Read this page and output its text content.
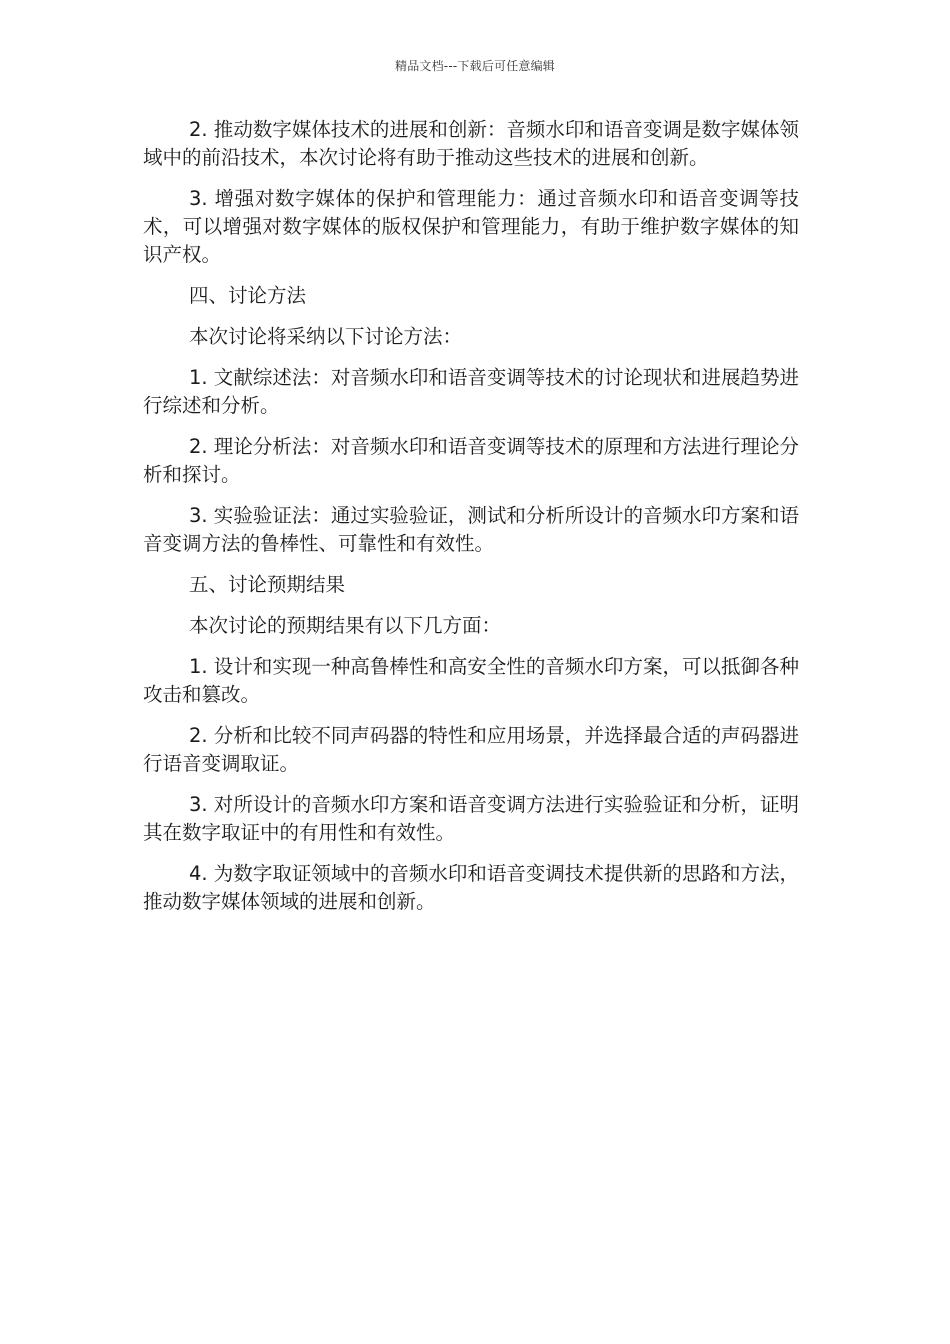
精品文档---下载后可任意编辑

2. 推动数字媒体技术的进展和创新：音频水印和语音变调是数字媒体领域中的前沿技术，本次讨论将有助于推动这些技术的进展和创新。

3. 增强对数字媒体的保护和管理能力：通过音频水印和语音变调等技术，可以增强对数字媒体的版权保护和管理能力，有助于维护数字媒体的知识产权。

四、讨论方法

本次讨论将采纳以下讨论方法：

1. 文献综述法：对音频水印和语音变调等技术的讨论现状和进展趋势进行综述和分析。

2. 理论分析法：对音频水印和语音变调等技术的原理和方法进行理论分析和探讨。

3. 实验验证法：通过实验验证，测试和分析所设计的音频水印方案和语音变调方法的鲁棒性、可靠性和有效性。

五、讨论预期结果

本次讨论的预期结果有以下几方面：

1. 设计和实现一种高鲁棒性和高安全性的音频水印方案，可以抵御各种攻击和篡改。

2. 分析和比较不同声码器的特性和应用场景，并选择最合适的声码器进行语音变调取证。

3. 对所设计的音频水印方案和语音变调方法进行实验验证和分析，证明其在数字取证中的有用性和有效性。

4. 为数字取证领域中的音频水印和语音变调技术提供新的思路和方法，推动数字媒体领域的进展和创新。
